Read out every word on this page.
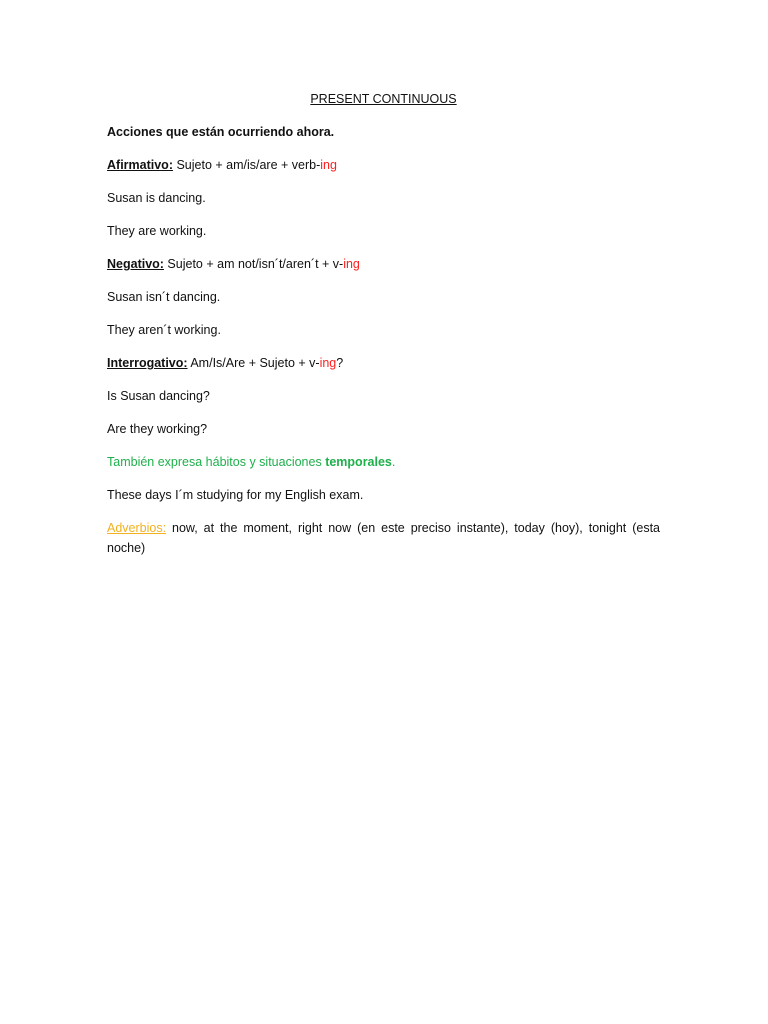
PRESENT CONTINUOUS

Acciones que están ocurriendo ahora.

Afirmativo: Sujeto + am/is/are + verb-ing

Susan is dancing.

They are working.

Negativo: Sujeto + am not/isn´t/aren´t + v-ing

Susan isn´t dancing.

They aren´t working.

Interrogativo: Am/Is/Are + Sujeto + v-ing?

Is Susan dancing?

Are they working?

También expresa hábitos y situaciones temporales.

These days I´m studying for my English exam.

Adverbios: now, at the moment, right now (en este preciso instante), today (hoy), tonight (esta noche)
